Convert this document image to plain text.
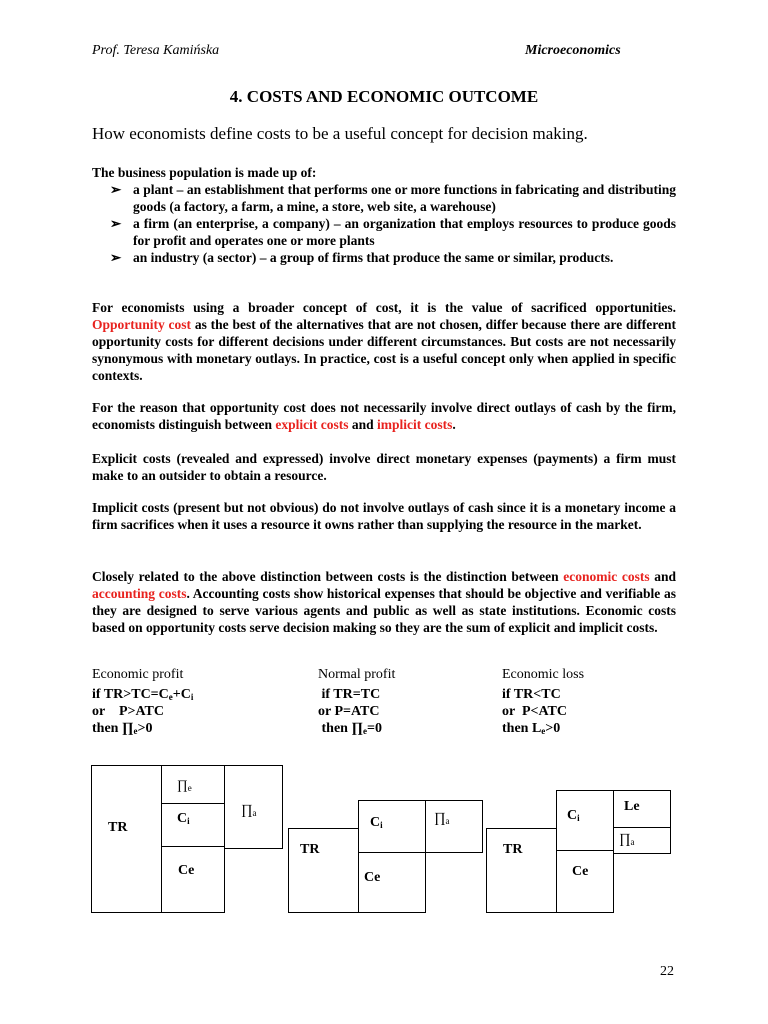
Prof. Teresa Kamińska	Microeconomics
4. COSTS AND ECONOMIC OUTCOME
How economists define costs to be a useful concept for decision making.
The business population is made up of:
➢ a plant – an establishment that performs one or more functions in fabricating and distributing goods (a factory, a farm, a mine, a store, web site, a warehouse)
➢ a firm (an enterprise, a company) – an organization that employs resources to produce goods for profit and operates one or more plants
➢ an industry (a sector) – a group of firms that produce the same or similar, products.
For economists using a broader concept of cost, it is the value of sacrificed opportunities. Opportunity cost as the best of the alternatives that are not chosen, differ because there are different opportunity costs for different decisions under different circumstances. But costs are not necessarily synonymous with monetary outlays. In practice, cost is a useful concept only when applied in specific contexts.
For the reason that opportunity cost does not necessarily involve direct outlays of cash by the firm, economists distinguish between explicit costs and implicit costs.
Explicit costs (revealed and expressed) involve direct monetary expenses (payments) a firm must make to an outsider to obtain a resource.
Implicit costs (present but not obvious) do not involve outlays of cash since it is a monetary income a firm sacrifices when it uses a resource it owns rather than supplying the resource in the market.
Closely related to the above distinction between costs is the distinction between economic costs and accounting costs. Accounting costs show historical expenses that should be objective and verifiable as they are designed to serve various agents and public as well as state institutions. Economic costs based on opportunity costs serve decision making so they are the sum of explicit and implicit costs.
Economic profit
if $TR>TC=C_e+C_i$
or    P>ATC
then $\prod_e>0$
Normal profit
if TR=TC
or P=ATC
then $\prod_e=0$
Economic loss
if TR<TC
or  P<ATC
then $L_e>0$
TR
$\prod_e$
$C_i$
Ce
$\prod_a$
TR
$C_i$
Ce
$\prod_a$
TR
$C_i$
Ce
Le
$\prod_a$
22
